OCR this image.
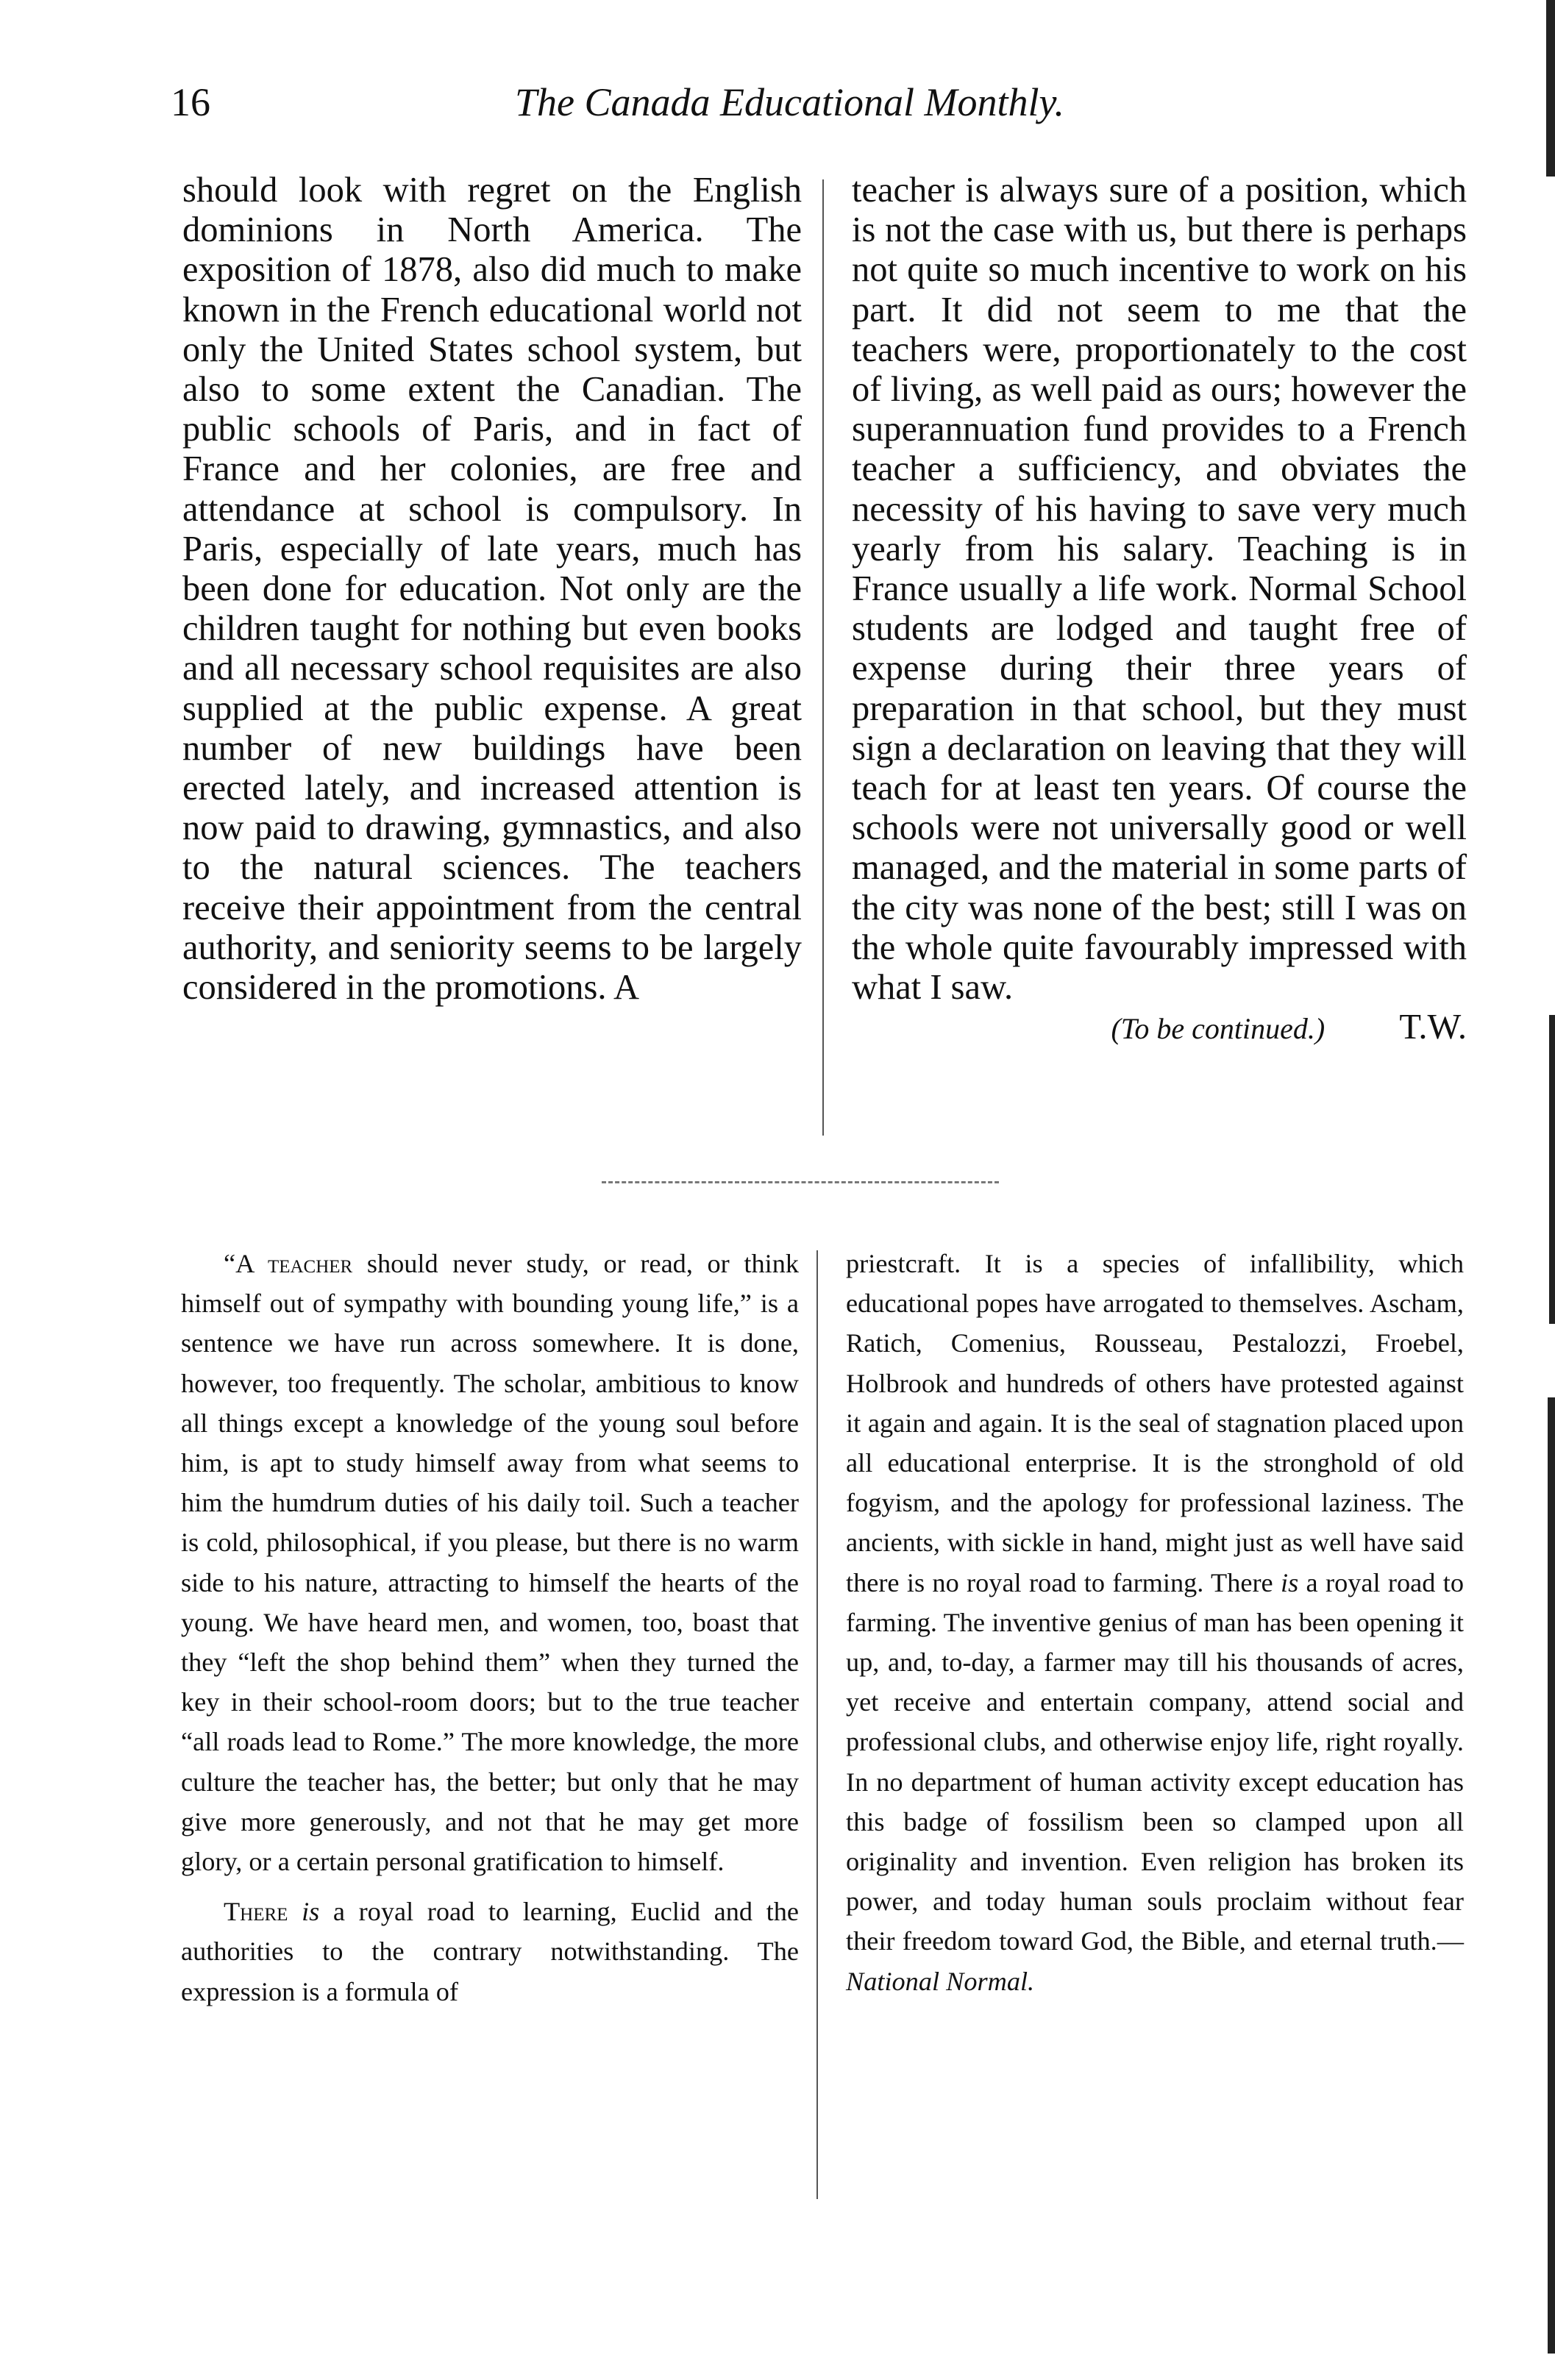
16	The Canada Educational Monthly.

should look with regret on the English dominions in North America. The exposition of 1878, also did much to make known in the French educational world not only the United States school system, but also to some extent the Canadian. The public schools of Paris, and in fact of France and her colonies, are free and attendance at school is compulsory. In Paris, especially of late years, much has been done for education. Not only are the children taught for nothing but even books and all necessary school requisites are also supplied at the public expense. A great number of new buildings have been erected lately, and increased attention is now paid to drawing, gymnastics, and also to the natural sciences. The teachers receive their appointment from the central authority, and seniority seems to be largely considered in the promotions. A

teacher is always sure of a position, which is not the case with us, but there is perhaps not quite so much incentive to work on his part. It did not seem to me that the teachers were, proportionately to the cost of living, as well paid as ours; however the superannuation fund provides to a French teacher a sufficiency, and obviates the necessity of his having to save very much yearly from his salary. Teaching is in France usually a life work. Normal School students are lodged and taught free of expense during their three years of preparation in that school, but they must sign a declaration on leaving that they will teach for at least ten years. Of course the schools were not universally good or well managed, and the material in some parts of the city was none of the best; still I was on the whole quite favourably impressed with what I saw.

(To be continued.) T.W.

“A teacher should never study, or read, or think himself out of sympathy with bounding young life,” is a sentence we have run across somewhere. It is done, however, too frequently. The scholar, ambitious to know all things except a knowledge of the young soul before him, is apt to study himself away from what seems to him the humdrum duties of his daily toil. Such a teacher is cold, philosophical, if you please, but there is no warm side to his nature, attracting to himself the hearts of the young. We have heard men, and women, too, boast that they “left the shop behind them” when they turned the key in their school-room doors; but to the true teacher “all roads lead to Rome.” The more knowledge, the more culture the teacher has, the better; but only that he may give more generously, and not that he may get more glory, or a certain personal gratification to himself.

There is a royal road to learning, Euclid and the authorities to the contrary notwithstanding. The expression is a formula of

priestcraft. It is a species of infallibility, which educational popes have arrogated to themselves. Ascham, Ratich, Comenius, Rousseau, Pestalozzi, Froebel, Holbrook and hundreds of others have protested against it again and again. It is the seal of stagnation placed upon all educational enterprise. It is the stronghold of old fogyism, and the apology for professional laziness. The ancients, with sickle in hand, might just as well have said there is no royal road to farming. There is a royal road to farming. The inventive genius of man has been opening it up, and, to-day, a farmer may till his thousands of acres, yet receive and entertain company, attend social and professional clubs, and otherwise enjoy life, right royally. In no department of human activity except education has this badge of fossilism been so clamped upon all originality and invention. Even religion has broken its power, and today human souls proclaim without fear their freedom toward God, the Bible, and eternal truth.—National Normal.
